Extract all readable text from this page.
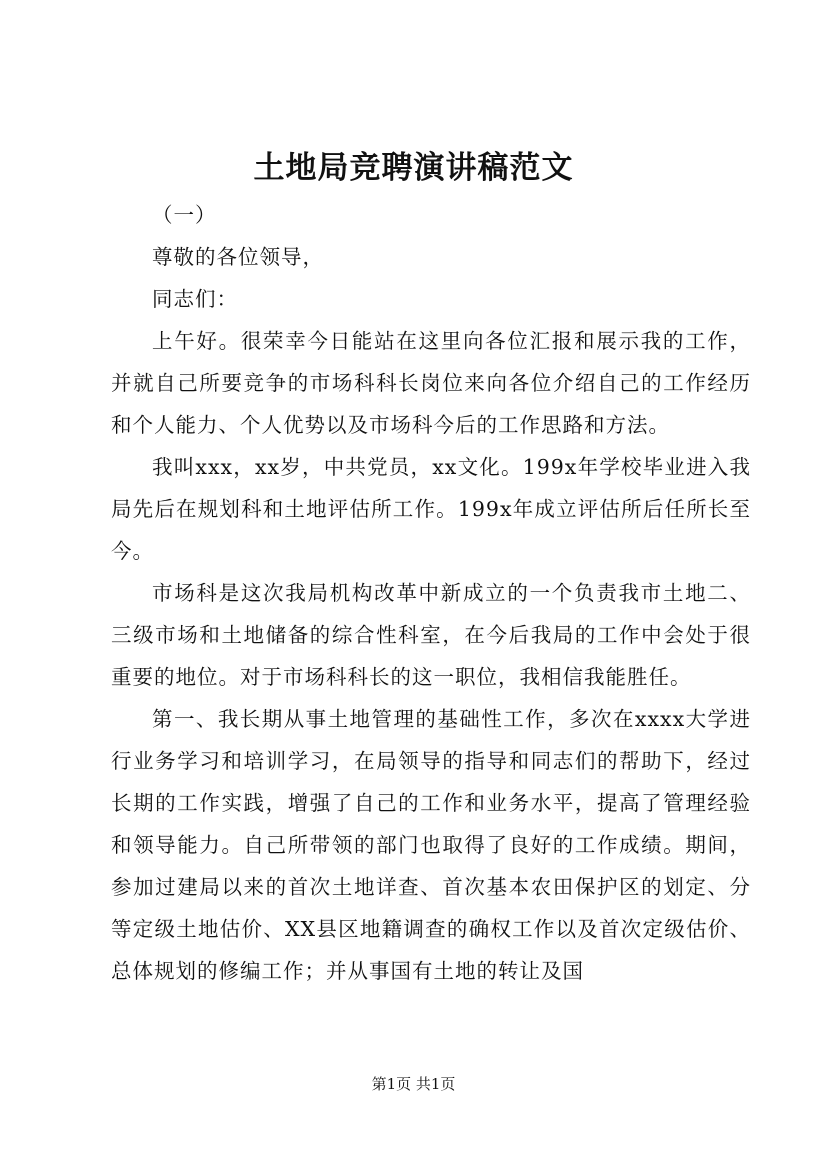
土地局竞聘演讲稿范文

（一）

尊敬的各位领导，

同志们：

上午好。很荣幸今日能站在这里向各位汇报和展示我的工作，并就自己所要竞争的市场科科长岗位来向各位介绍自己的工作经历和个人能力、个人优势以及市场科今后的工作思路和方法。

我叫xxx，xx岁，中共党员，xx文化。199x年学校毕业进入我局先后在规划科和土地评估所工作。199x年成立评估所后任所长至今。

市场科是这次我局机构改革中新成立的一个负责我市土地二、三级市场和土地储备的综合性科室，在今后我局的工作中会处于很重要的地位。对于市场科科长的这一职位，我相信我能胜任。

第一、我长期从事土地管理的基础性工作，多次在xxxx大学进行业务学习和培训学习，在局领导的指导和同志们的帮助下，经过长期的工作实践，增强了自己的工作和业务水平，提高了管理经验和领导能力。自己所带领的部门也取得了良好的工作成绩。期间，参加过建局以来的首次土地详查、首次基本农田保护区的划定、分等定级土地估价、XX县区地籍调查的确权工作以及首次定级估价、总体规划的修编工作；并从事国有土地的转让及国

第1页 共1页
